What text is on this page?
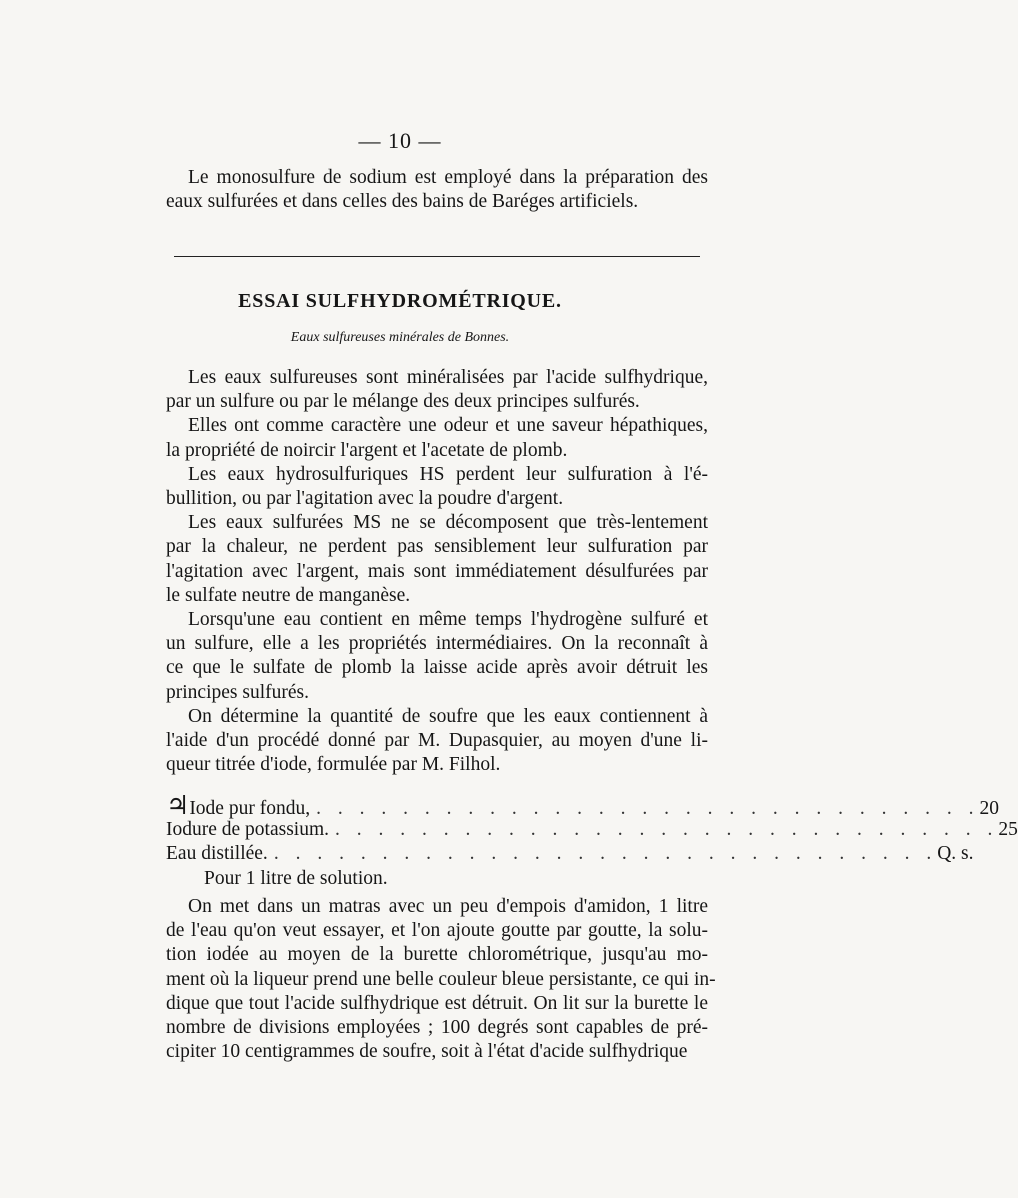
— 10 —
Le monosulfure de sodium est employé dans la préparation des
eaux sulfurées et dans celles des bains de Baréges artificiels.
ESSAI SULFHYDROMÉTRIQUE.
Eaux sulfureuses minérales de Bonnes.
Les eaux sulfureuses sont minéralisées par l'acide sulfhydrique,
par un sulfure ou par le mélange des deux principes sulfurés.
Elles ont comme caractère une odeur et une saveur hépathiques,
la propriété de noircir l'argent et l'acetate de plomb.
Les eaux hydrosulfuriques HS perdent leur sulfuration à l'é-
bullition, ou par l'agitation avec la poudre d'argent.
Les eaux sulfurées MS ne se décomposent que très-lentement
par la chaleur, ne perdent pas sensiblement leur sulfuration par
l'agitation avec l'argent, mais sont immédiatement désulfurées par
le sulfate neutre de manganèse.
Lorsqu'une eau contient en même temps l'hydrogène sulfuré et
un sulfure, elle a les propriétés intermédiaires. On la reconnaît à
ce que le sulfate de plomb la laisse acide après avoir détruit les
principes sulfurés.
On détermine la quantité de soufre que les eaux contiennent à
l'aide d'un procédé donné par M. Dupasquier, au moyen d'une li-
queur titrée d'iode, formulée par M. Filhol.
♃ Iode pur fondu, . . . . . . . . . . . . . . . . . . . . . . . . . . . . . . . 20
Iodure de potassium. . . . . . . . . . . . . . . . . . . . . . . . . . . . . . . . 25
Eau distillée. . . . . . . . . . . . . . . . . . . . . . . . . . . . . . . . Q. s.
Pour 1 litre de solution.
On met dans un matras avec un peu d'empois d'amidon, 1 litre
de l'eau qu'on veut essayer, et l'on ajoute goutte par goutte, la solu-
tion iodée au moyen de la burette chlorométrique, jusqu'au mo-
ment où la liqueur prend une belle couleur bleue persistante, ce qui in-
dique que tout l'acide sulfhydrique est détruit. On lit sur la burette le
nombre de divisions employées ; 100 degrés sont capables de pré-
cipiter 10 centigrammes de soufre, soit à l'état d'acide sulfhydrique
